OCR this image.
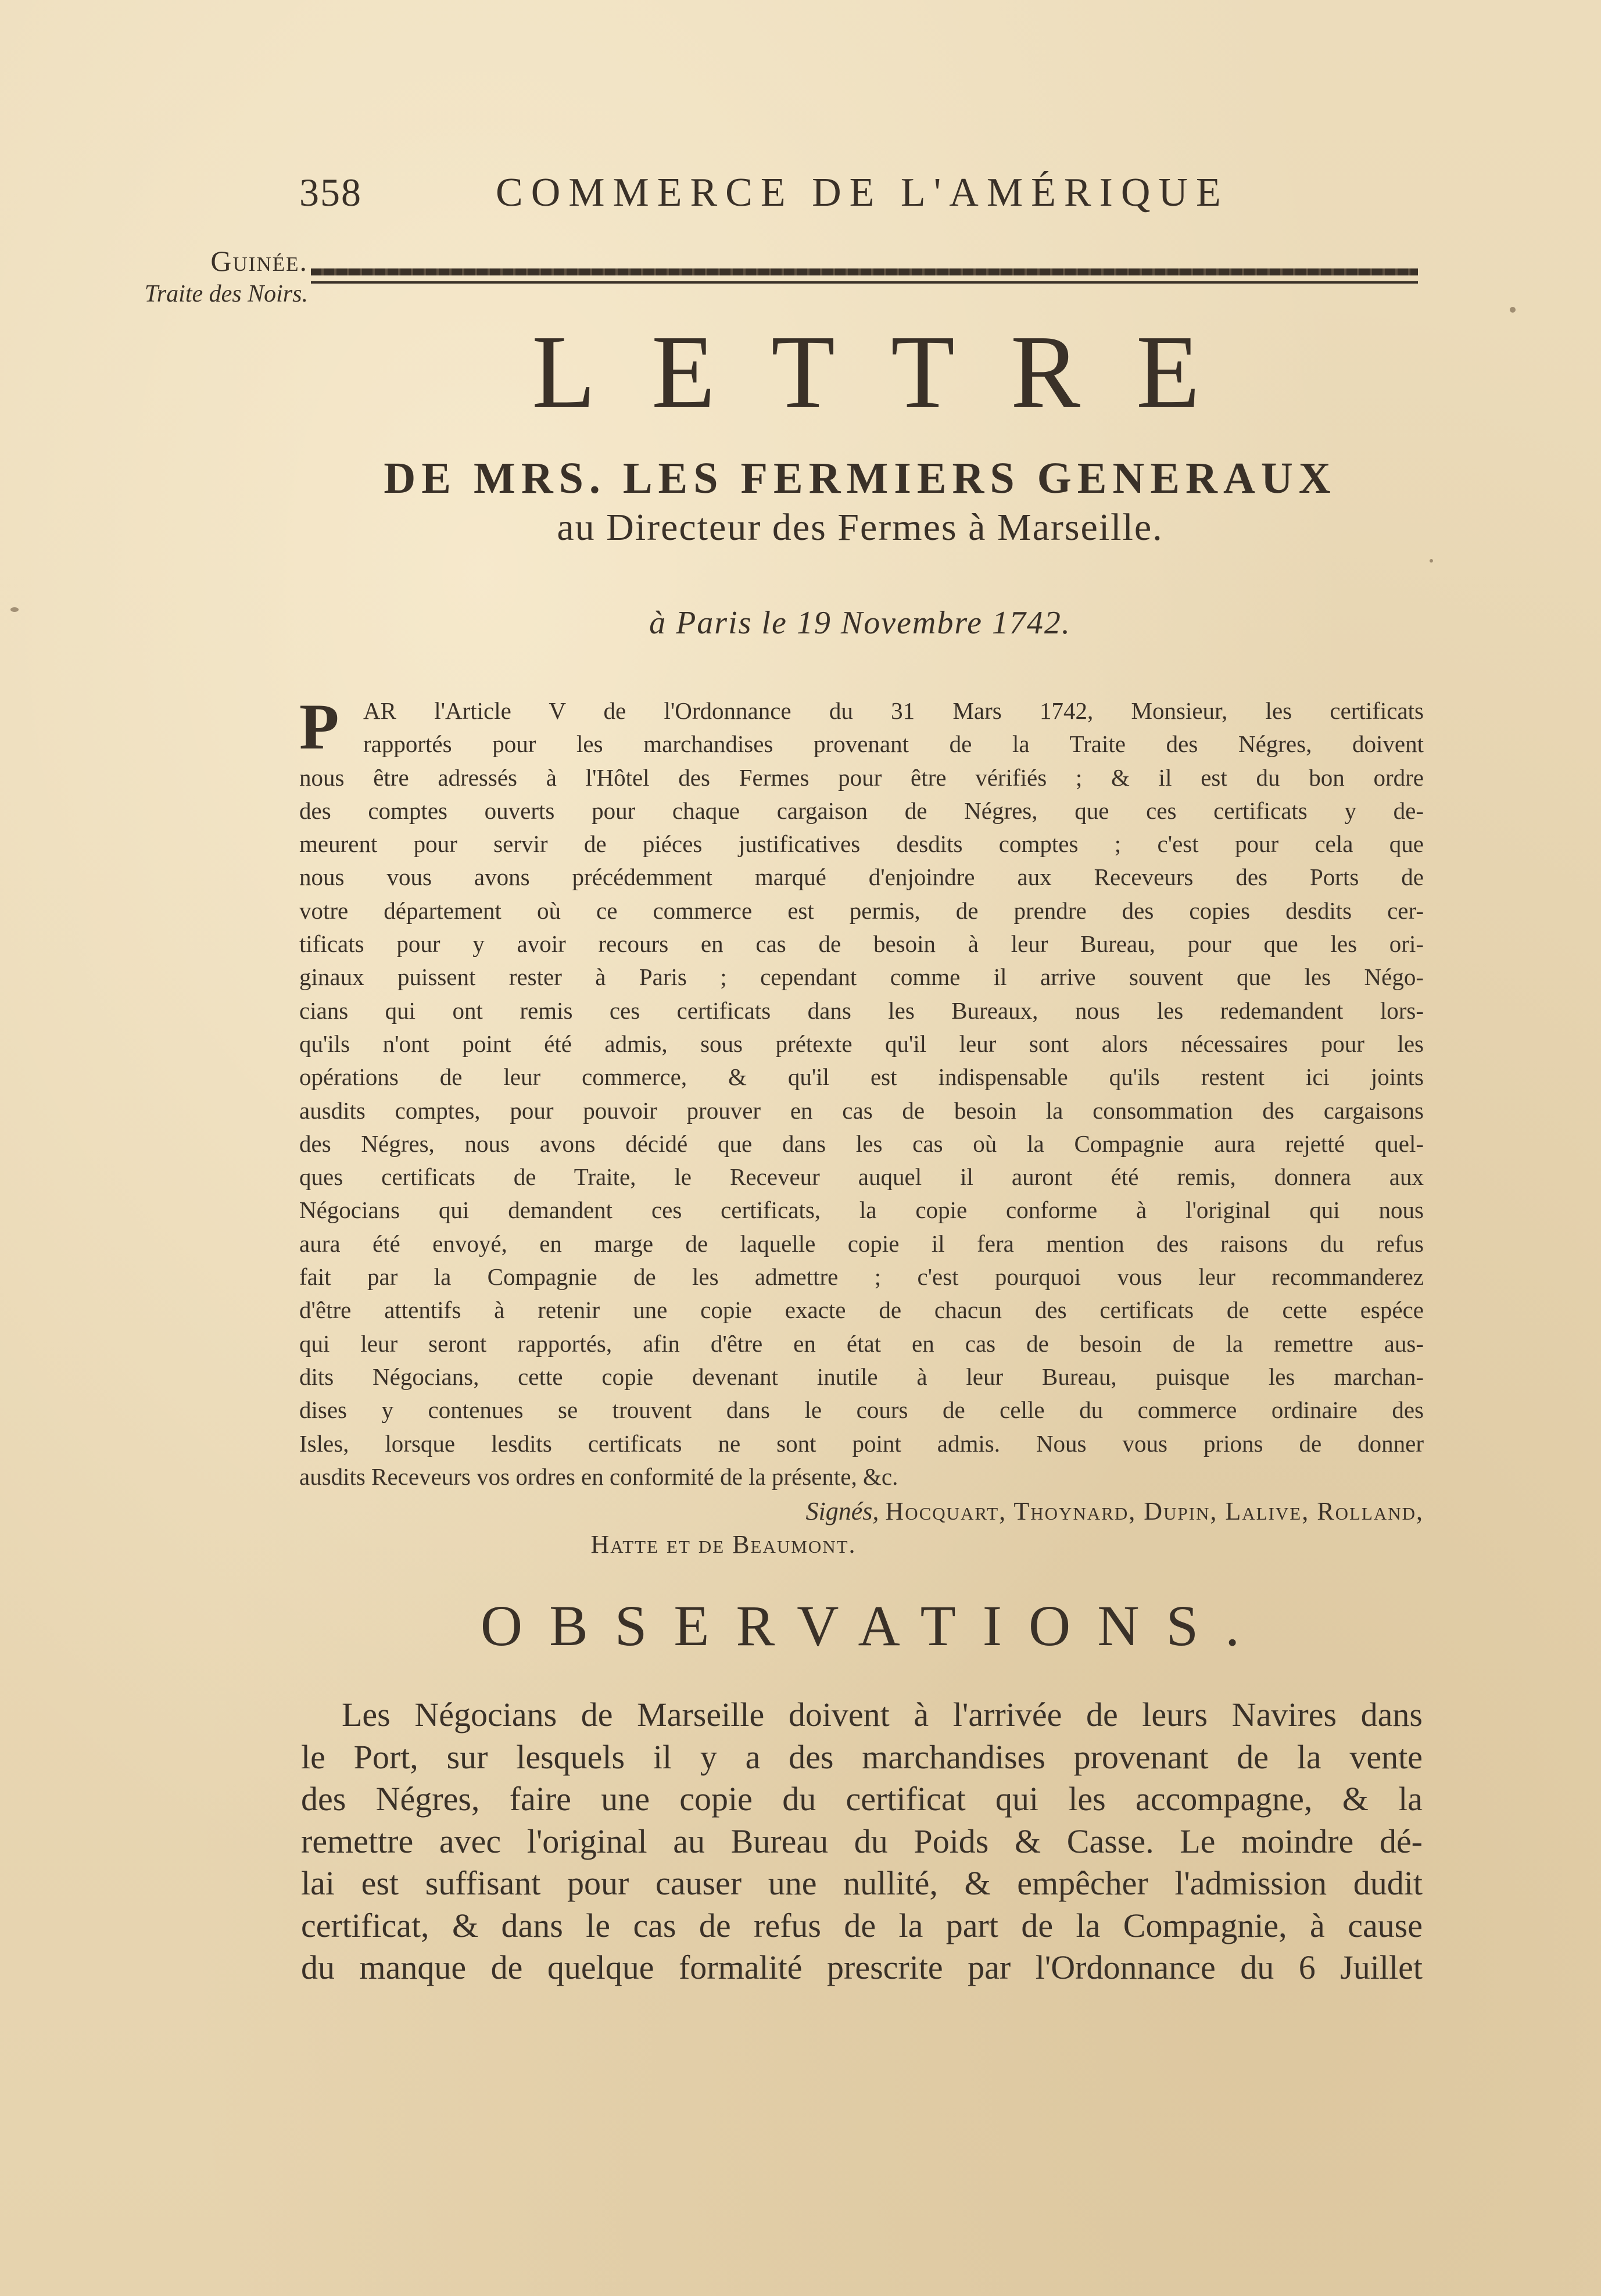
358	COMMERCE DE L'AMÉRIQUE
Guinée.
Traite des Noirs.
LETTRE
DE MRS. LES FERMIERS GENERAUX
au Directeur des Fermes à Marseille.
à Paris le 19 Novembre 1742.
P	AR l'Article V de l'Ordonnance du 31 Mars 1742, Monsieur, les certificats
rapportés pour les marchandises provenant de la Traite des Négres, doivent
nous être adressés à l'Hôtel des Fermes pour être vérifiés ; & il est du bon ordre
des comptes ouverts pour chaque cargaison de Négres, que ces certificats y de-
meurent pour servir de piéces justificatives desdits comptes ; c'est pour cela que
nous vous avons précédemment marqué d'enjoindre aux Receveurs des Ports de
votre département où ce commerce est permis, de prendre des copies desdits cer-
tificats pour y avoir recours en cas de besoin à leur Bureau, pour que les ori-
ginaux puissent rester à Paris ; cependant comme il arrive souvent que les Négo-
cians qui ont remis ces certificats dans les Bureaux, nous les redemandent lors-
qu'ils n'ont point été admis, sous prétexte qu'il leur sont alors nécessaires pour les
opérations de leur commerce, & qu'il est indispensable qu'ils restent ici joints
ausdits comptes, pour pouvoir prouver en cas de besoin la consommation des cargaisons
des Négres, nous avons décidé que dans les cas où la Compagnie aura rejetté quel-
ques certificats de Traite, le Receveur auquel il auront été remis, donnera aux
Négocians qui demandent ces certificats, la copie conforme à l'original qui nous
aura été envoyé, en marge de laquelle copie il fera mention des raisons du refus
fait par la Compagnie de les admettre ; c'est pourquoi vous leur recommanderez
d'être attentifs à retenir une copie exacte de chacun des certificats de cette espéce
qui leur seront rapportés, afin d'être en état en cas de besoin de la remettre aus-
dits Négocians, cette copie devenant inutile à leur Bureau, puisque les marchan-
dises y contenues se trouvent dans le cours de celle du commerce ordinaire des
Isles, lorsque lesdits certificats ne sont point admis. Nous vous prions de donner
ausdits Receveurs vos ordres en conformité de la présente, &c.
Signés, Hocquart, Thoynard, Dupin, Lalive, Rolland,
Hatte et de Beaumont.
OBSERVATIONS.
Les Négocians de Marseille doivent à l'arrivée de leurs Navires dans
le Port, sur lesquels il y a des marchandises provenant de la vente
des Négres, faire une copie du certificat qui les accompagne, & la
remettre avec l'original au Bureau du Poids & Casse. Le moindre dé-
lai est suffisant pour causer une nullité, & empêcher l'admission dudit
certificat, & dans le cas de refus de la part de la Compagnie, à cause
du manque de quelque formalité prescrite par l'Ordonnance du 6 Juillet
